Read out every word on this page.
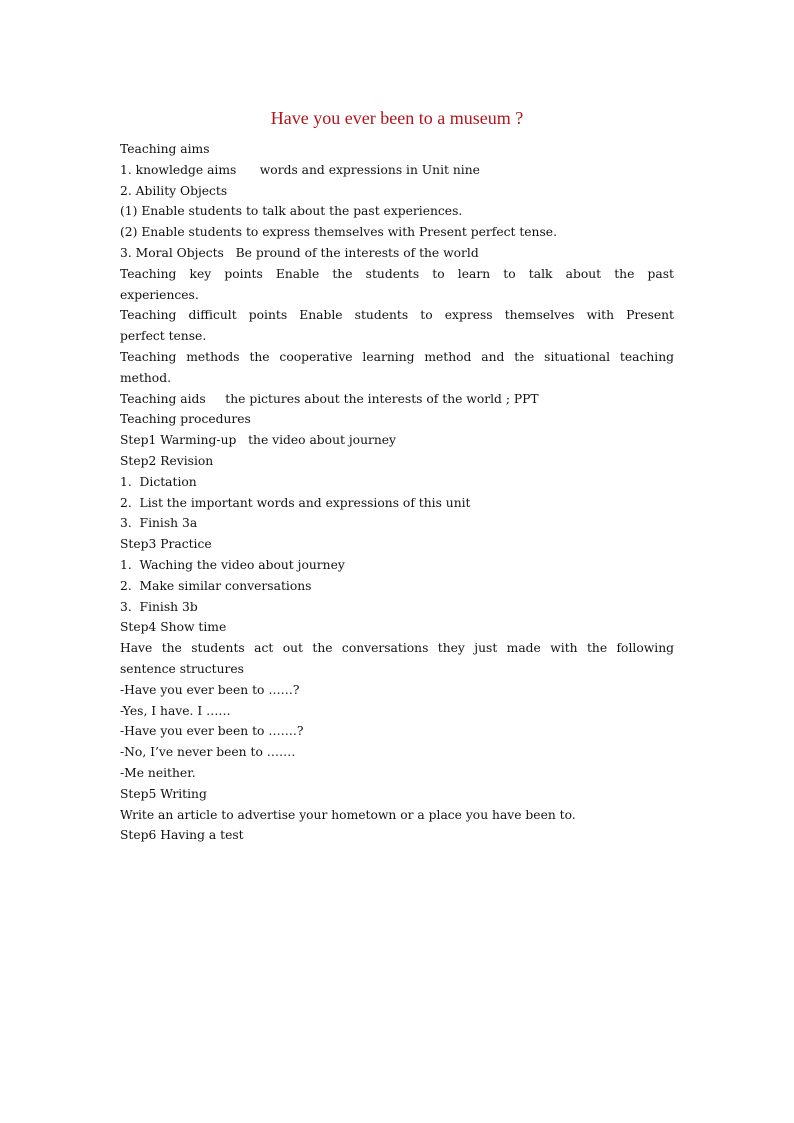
Have you ever been to a museum ?
Teaching aims
1. knowledge aims      words and expressions in Unit nine
2. Ability Objects
(1) Enable students to talk about the past experiences.
(2) Enable students to express themselves with Present perfect tense.
3. Moral Objects   Be pround of the interests of the world
Teaching key points Enable the students to learn to talk about the past
experiences.
Teaching difficult points Enable students to express themselves with Present
perfect tense.
Teaching methods the cooperative learning method and the situational teaching
method.
Teaching aids     the pictures about the interests of the world ; PPT
Teaching procedures
Step1 Warming-up   the video about journey
Step2 Revision
1.  Dictation
2.  List the important words and expressions of this unit
3.  Finish 3a
Step3 Practice
1.  Waching the video about journey
2.  Make similar conversations
3.  Finish 3b
Step4 Show time
Have the students act out the conversations they just made with the following
sentence structures
-Have you ever been to ……?
-Yes, I have. I ……
-Have you ever been to …….?
-No, I’ve never been to …….
-Me neither.
Step5 Writing
Write an article to advertise your hometown or a place you have been to.
Step6 Having a test
